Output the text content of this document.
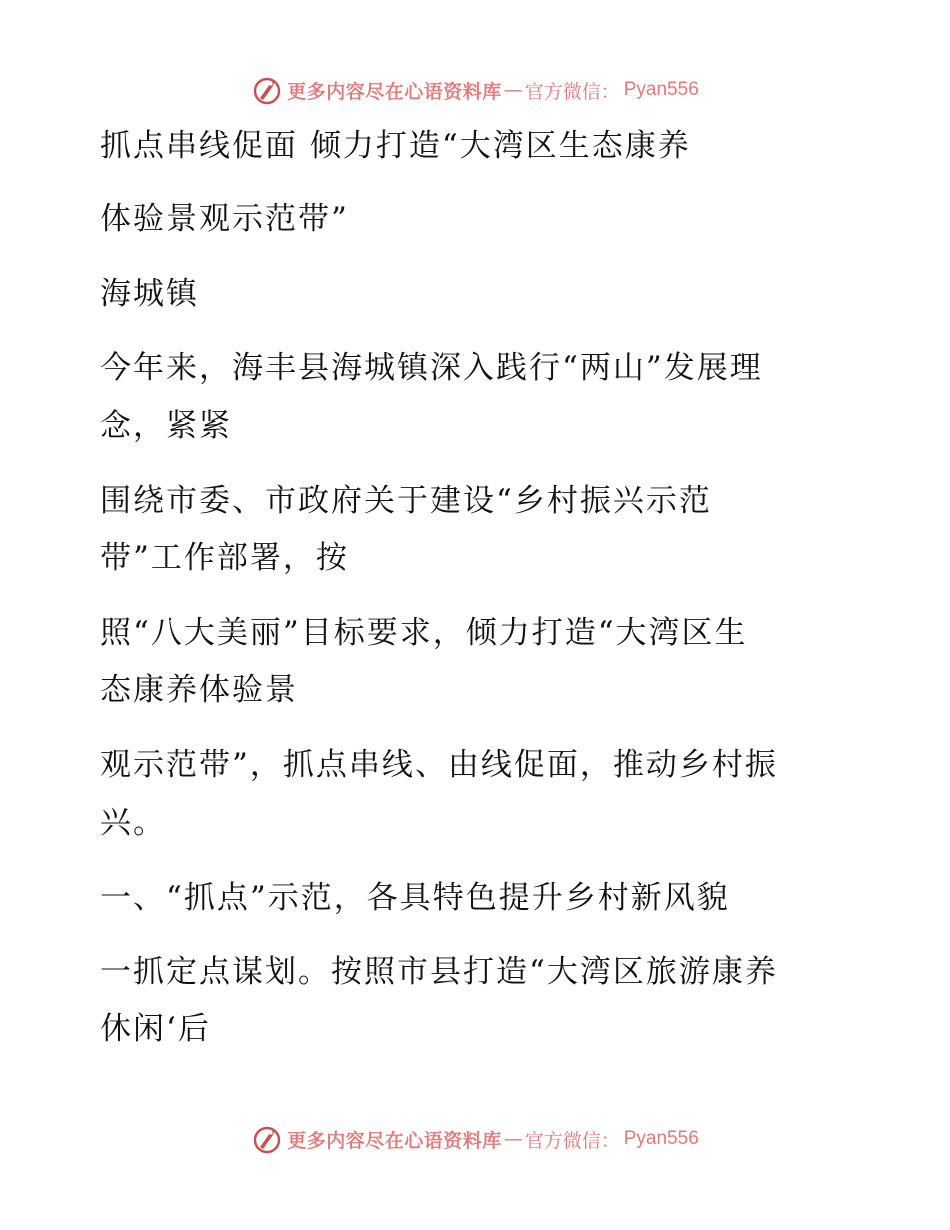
更多内容尽在心语资料库 — 官方微信： Pyan556
抓点串线促面 倾力打造“大湾区生态康养
体验景观示范带”
海城镇
今年来，海丰县海城镇深入践行“两山”发展理
念，紧紧
围绕市委、市政府关于建设“乡村振兴示范
带”工作部署，按
照“八大美丽”目标要求，倾力打造“大湾区生
态康养体验景
观示范带”，抓点串线、由线促面，推动乡村振
兴。
一、“抓点”示范，各具特色提升乡村新风貌
一抓定点谋划。按照市县打造“大湾区旅游康养
休闲‘后
更多内容尽在心语资料库 — 官方微信： Pyan556
